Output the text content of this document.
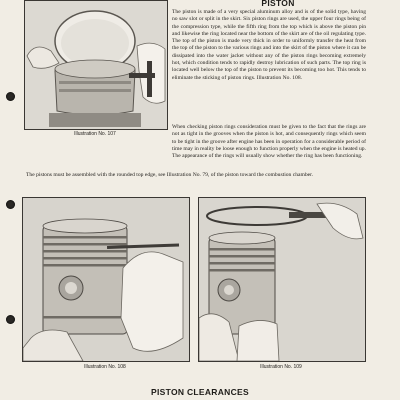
Illustration No. 107
PISTON

The piston is made of a very special aluminum alloy and is of the solid type, having no saw slot or split in the skirt. Six piston rings are used, the upper four rings being of the compression type, while the fifth ring from the top which is above the piston pin and likewise the ring located near the bottom of the skirt are of the oil regulating type. The top of the piston is made very thick in order to uniformly transfer the heat from the top of the piston to the various rings and into the skirt of the piston where it can be dissipated into the water jacket without any of the piston rings becoming extremely hot, which condition tends to rapidly destroy lubrication of such parts. The top ring is located well below the top of the piston to prevent its becoming too hot. This tends to eliminate the sticking of piston rings. Illustration No. 108.

When checking piston rings consideration must be given to the fact that the rings are not as tight in the grooves when the piston is hot, and consequently rings which seem to be tight in the groove after engine has been in operation for a considerable period of time may in reality be loose enough to function properly when the engine is heated up. The appearance of the rings will usually show whether the ring has been functioning.

The pistons must be assembled with the rounded top edge, see Illustration No. 79, of the piston toward the combustion chamber.

Illustration No. 108	Illustration No. 109
PISTON CLEARANCES
